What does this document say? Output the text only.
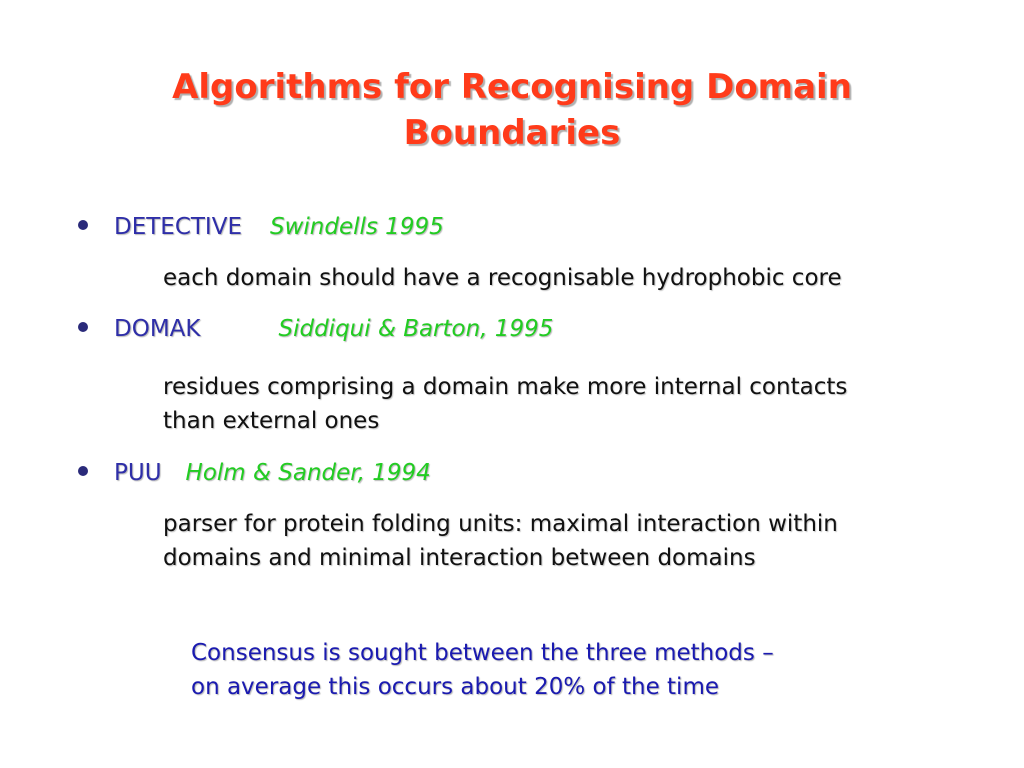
Algorithms for Recognising Domain
Boundaries
DETECTIVE Swindells 1995
each domain should have a recognisable hydrophobic core
DOMAK	Siddiqui & Barton, 1995
residues comprising a domain make more internal contacts
than external ones
PUU Holm & Sander, 1994
parser for protein folding units: maximal interaction within
domains and minimal interaction between domains
Consensus is sought between the three methods –
on average this occurs about 20% of the time
